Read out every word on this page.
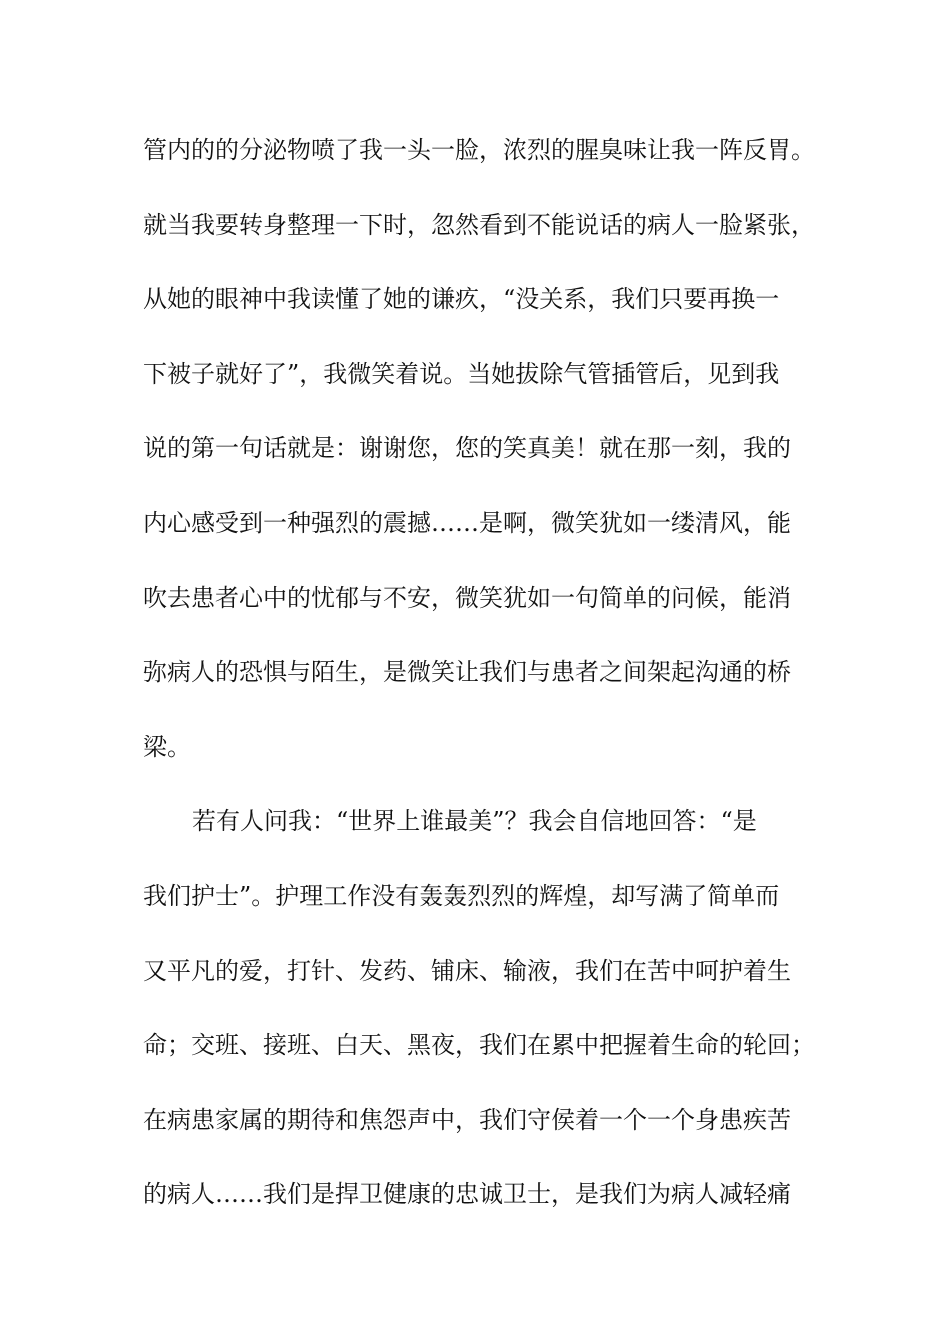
管内的的分泌物喷了我一头一脸，浓烈的腥臭味让我一阵反胃。
就当我要转身整理一下时，忽然看到不能说话的病人一脸紧张，
从她的眼神中我读懂了她的谦疚，“没关系，我们只要再换一
下被子就好了”，我微笑着说。当她拔除气管插管后，见到我
说的第一句话就是：谢谢您，您的笑真美！就在那一刻，我的
内心感受到一种强烈的震撼……是啊，微笑犹如一缕清风，能
吹去患者心中的忧郁与不安，微笑犹如一句简单的问候，能消
弥病人的恐惧与陌生，是微笑让我们与患者之间架起沟通的桥
梁。
若有人问我：“世界上谁最美”？我会自信地回答：“是
我们护士”。护理工作没有轰轰烈烈的辉煌，却写满了简单而
又平凡的爱，打针、发药、铺床、输液，我们在苦中呵护着生
命；交班、接班、白天、黑夜，我们在累中把握着生命的轮回；
在病患家属的期待和焦怨声中，我们守侯着一个一个身患疾苦
的病人……我们是捍卫健康的忠诚卫士，是我们为病人减轻痛
